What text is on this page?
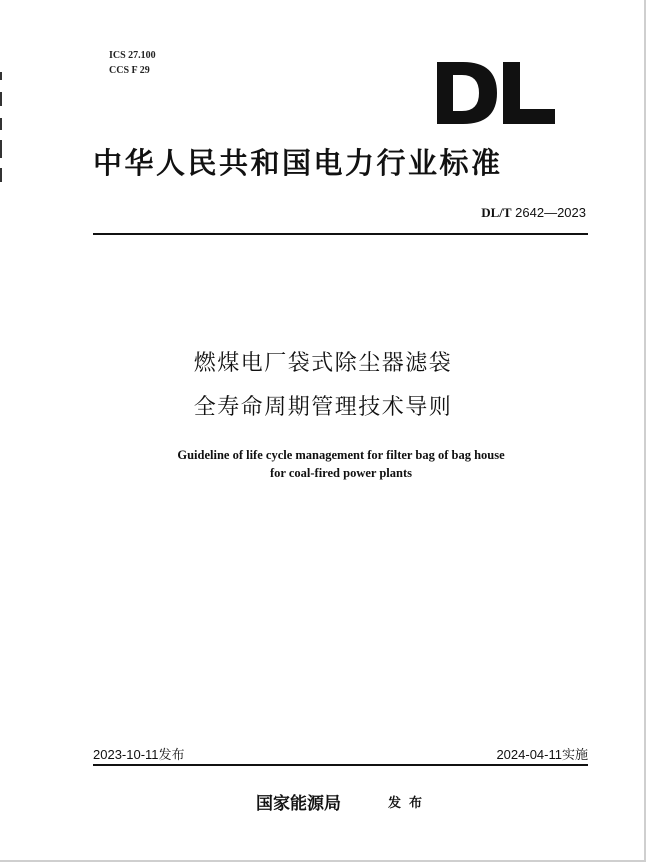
ICS 27.100
CCS F 29
中华人民共和国电力行业标准
DL/T 2642—2023
燃煤电厂袋式除尘器滤袋
全寿命周期管理技术导则
Guideline of life cycle management for filter bag of bag house
for coal-fired power plants
2023-10-11发布	2024-04-11实施
国家能源局	发布
